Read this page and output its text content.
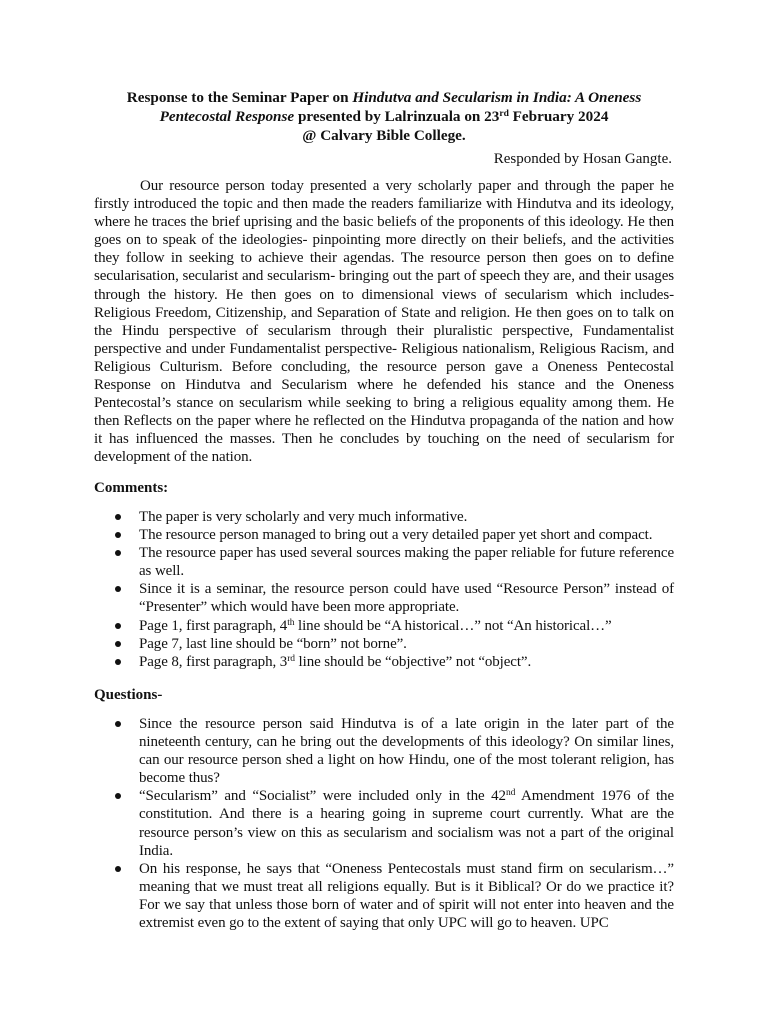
Response to the Seminar Paper on Hindutva and Secularism in India: A Oneness
Pentecostal Response presented by Lalrinzuala on 23rd February 2024
@ Calvary Bible College.
Responded by Hosan Gangte.
Our resource person today presented a very scholarly paper and through the paper he firstly introduced the topic and then made the readers familiarize with Hindutva and its ideology, where he traces the brief uprising and the basic beliefs of the proponents of this ideology. He then goes on to speak of the ideologies- pinpointing more directly on their beliefs, and the activities they follow in seeking to achieve their agendas. The resource person then goes on to define secularisation, secularist and secularism- bringing out the part of speech they are, and their usages through the history. He then goes on to dimensional views of secularism which includes- Religious Freedom, Citizenship, and Separation of State and religion. He then goes on to talk on the Hindu perspective of secularism through their pluralistic perspective, Fundamentalist perspective and under Fundamentalist perspective- Religious nationalism, Religious Racism, and Religious Culturism. Before concluding, the resource person gave a Oneness Pentecostal Response on Hindutva and Secularism where he defended his stance and the Oneness Pentecostal’s stance on secularism while seeking to bring a religious equality among them. He then Reflects on the paper where he reflected on the Hindutva propaganda of the nation and how it has influenced the masses. Then he concludes by touching on the need of secularism for development of the nation.
Comments:
The paper is very scholarly and very much informative.
The resource person managed to bring out a very detailed paper yet short and compact.
The resource paper has used several sources making the paper reliable for future reference as well.
Since it is a seminar, the resource person could have used “Resource Person” instead of “Presenter” which would have been more appropriate.
Page 1, first paragraph, 4th line should be “A historical…” not “An historical…”
Page 7, last line should be “born” not borne”.
Page 8, first paragraph, 3rd line should be “objective” not “object”.
Questions-
Since the resource person said Hindutva is of a late origin in the later part of the nineteenth century, can he bring out the developments of this ideology? On similar lines, can our resource person shed a light on how Hindu, one of the most tolerant religion, has become thus?
“Secularism” and “Socialist” were included only in the 42nd Amendment 1976 of the constitution. And there is a hearing going in supreme court currently. What are the resource person’s view on this as secularism and socialism was not a part of the original India.
On his response, he says that “Oneness Pentecostals must stand firm on secularism…” meaning that we must treat all religions equally. But is it Biblical? Or do we practice it? For we say that unless those born of water and of spirit will not enter into heaven and the extremist even go to the extent of saying that only UPC will go to heaven. UPC
